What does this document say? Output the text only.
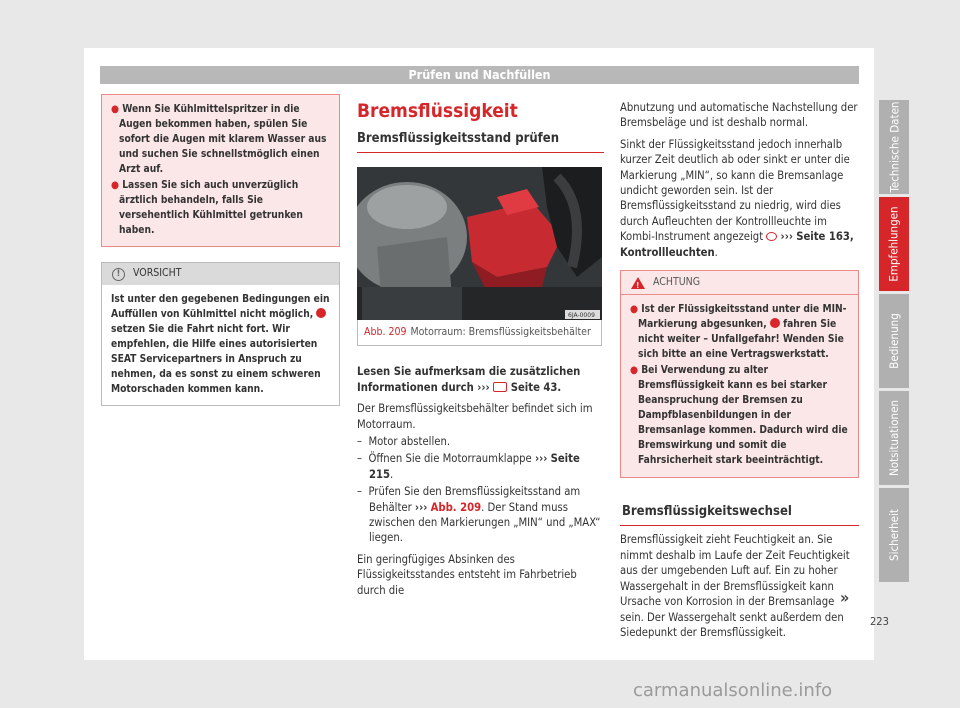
Prüfen und Nachfüllen
● Wenn Sie Kühlmittelspritzer in die Augen bekommen haben, spülen Sie sofort die Augen mit klarem Wasser aus und suchen Sie schnellstmöglich einen Arzt auf.
● Lassen Sie sich auch unverzüglich ärztlich behandeln, falls Sie versehentlich Kühlmittel getrunken haben.
!	VORSICHT
Ist unter den gegebenen Bedingungen ein Auffüllen von Kühlmittel nicht möglich,  setzen Sie die Fahrt nicht fort. Wir empfehlen, die Hilfe eines autorisierten SEAT Servicepartners in Anspruch zu nehmen, da es sonst zu einem schweren Motorschaden kommen kann.
Bremsflüssigkeit
Bremsflüssigkeitsstand prüfen
6JA-0009
Abb. 209 Motorraum: Bremsflüssigkeitsbehälter
Lesen Sie aufmerksam die zusätzlichen Informationen durch ›››  Seite 43.
Der Bremsflüssigkeitsbehälter befindet sich im Motorraum.
–  Motor abstellen.
–  Öffnen Sie die Motorraumklappe ››› Seite 215.
–  Prüfen Sie den Bremsflüssigkeitsstand am Behälter ››› Abb. 209. Der Stand muss zwischen den Markierungen „MIN“ und „MAX“ liegen.
Ein geringfügiges Absinken des Flüssigkeitsstandes entsteht im Fahrbetrieb durch die
Abnutzung und automatische Nachstellung der Bremsbeläge und ist deshalb normal.
Sinkt der Flüssigkeitsstand jedoch innerhalb kurzer Zeit deutlich ab oder sinkt er unter die Markierung „MIN“, so kann die Bremsanlage undicht geworden sein. Ist der Bremsflüssigkeitsstand zu niedrig, wird dies durch Aufleuchten der Kontrollleuchte im Kombi-Instrument angezeigt ››› Seite 163, Kontrollleuchten.
!
ACHTUNG
● Ist der Flüssigkeitsstand unter die MIN-Markierung abgesunken, fahren Sie nicht weiter – Unfallgefahr! Wenden Sie sich bitte an eine Vertragswerkstatt.
● Bei Verwendung zu alter Bremsflüssigkeit kann es bei starker Beanspruchung der Bremsen zu Dampfblasenbildungen in der Bremsanlage kommen. Dadurch wird die Bremswirkung und somit die Fahrsicherheit stark beeinträchtigt.
Bremsflüssigkeitswechsel
Bremsflüssigkeit zieht Feuchtigkeit an. Sie nimmt deshalb im Laufe der Zeit Feuchtigkeit aus der umgebenden Luft auf. Ein zu hoher Wassergehalt in der Bremsflüssigkeit kann Ursache von Korrosion in der Bremsanlage sein. Der Wassergehalt senkt außerdem den Siedepunkt der Bremsflüssigkeit.
Technische Daten
Empfehlungen
Bedienung
Notsituationen
Sicherheit
»
223
carmanualsonline.info
